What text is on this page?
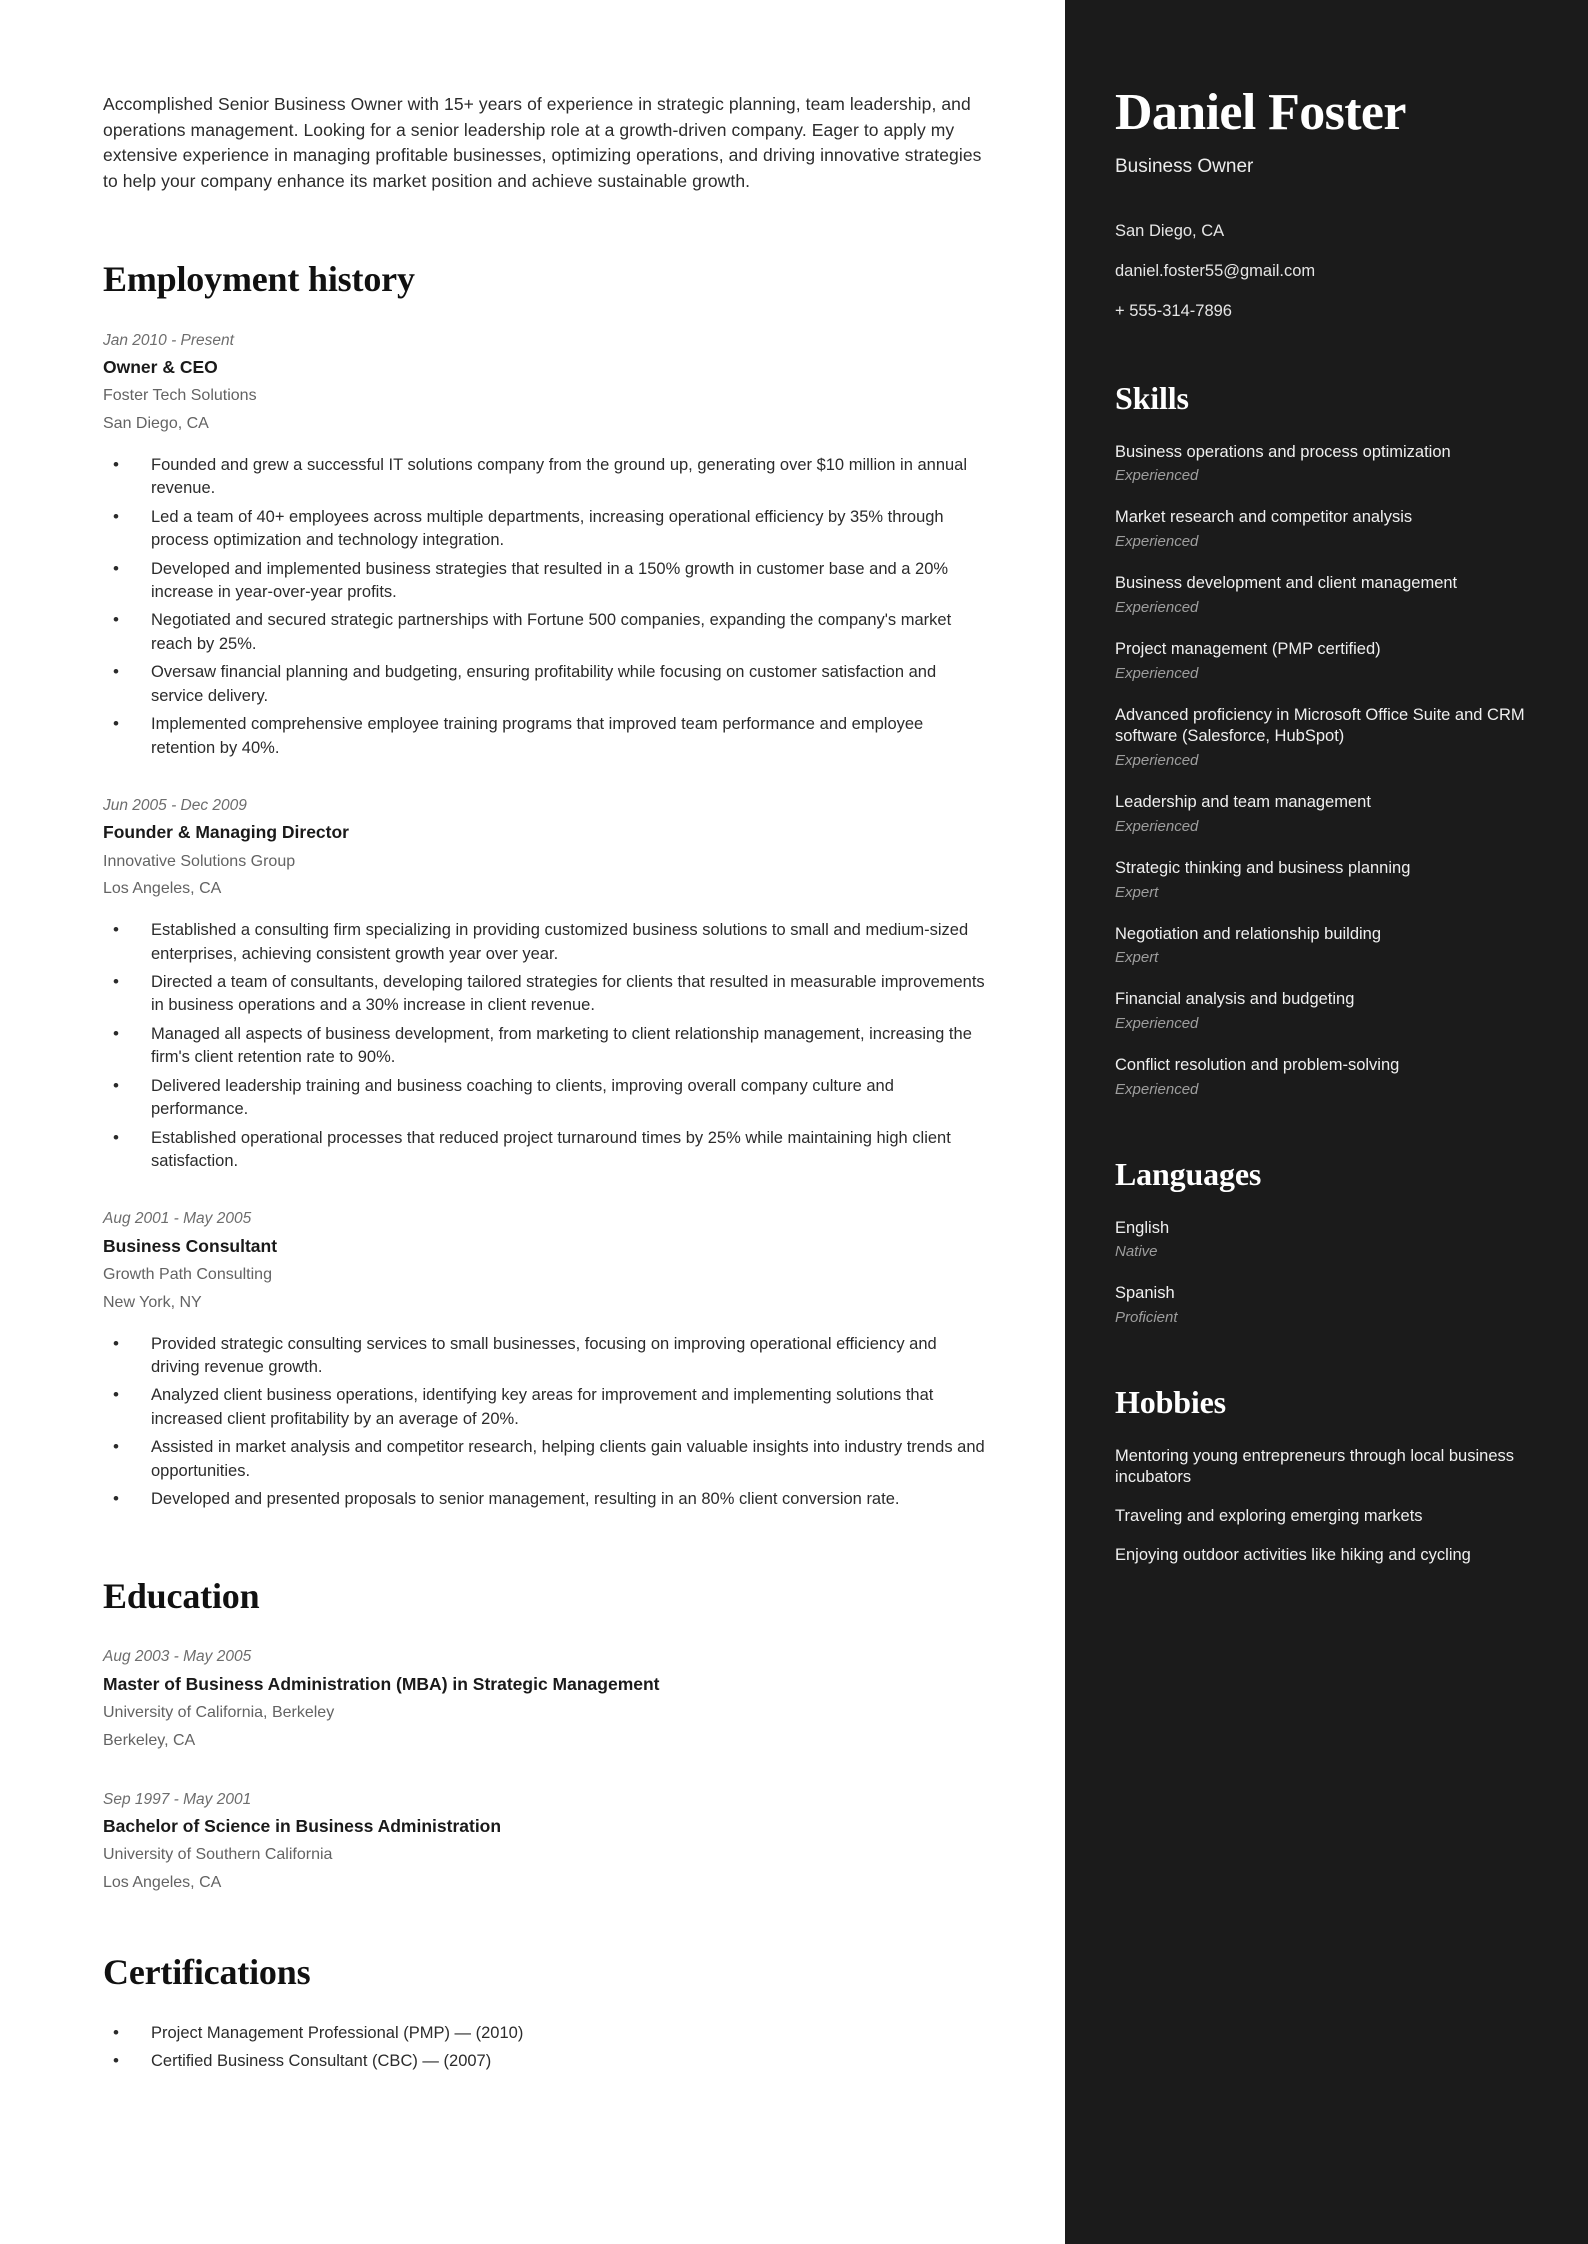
Accomplished Senior Business Owner with 15+ years of experience in strategic planning, team leadership, and operations management. Looking for a senior leadership role at a growth-driven company. Eager to apply my extensive experience in managing profitable businesses, optimizing operations, and driving innovative strategies to help your company enhance its market position and achieve sustainable growth.

Employment history
Jan 2010 - Present
Owner & CEO
Foster Tech Solutions
San Diego, CA
• Founded and grew a successful IT solutions company from the ground up, generating over $10 million in annual revenue.
• Led a team of 40+ employees across multiple departments, increasing operational efficiency by 35% through process optimization and technology integration.
• Developed and implemented business strategies that resulted in a 150% growth in customer base and a 20% increase in year-over-year profits.
• Negotiated and secured strategic partnerships with Fortune 500 companies, expanding the company's market reach by 25%.
• Oversaw financial planning and budgeting, ensuring profitability while focusing on customer satisfaction and service delivery.
• Implemented comprehensive employee training programs that improved team performance and employee retention by 40%.
Jun 2005 - Dec 2009
Founder & Managing Director
Innovative Solutions Group
Los Angeles, CA
• Established a consulting firm specializing in providing customized business solutions to small and medium-sized enterprises, achieving consistent growth year over year.
• Directed a team of consultants, developing tailored strategies for clients that resulted in measurable improvements in business operations and a 30% increase in client revenue.
• Managed all aspects of business development, from marketing to client relationship management, increasing the firm's client retention rate to 90%.
• Delivered leadership training and business coaching to clients, improving overall company culture and performance.
• Established operational processes that reduced project turnaround times by 25% while maintaining high client satisfaction.
Aug 2001 - May 2005
Business Consultant
Growth Path Consulting
New York, NY
• Provided strategic consulting services to small businesses, focusing on improving operational efficiency and driving revenue growth.
• Analyzed client business operations, identifying key areas for improvement and implementing solutions that increased client profitability by an average of 20%.
• Assisted in market analysis and competitor research, helping clients gain valuable insights into industry trends and opportunities.
• Developed and presented proposals to senior management, resulting in an 80% client conversion rate.
Education
Aug 2003 - May 2005
Master of Business Administration (MBA) in Strategic Management
University of California, Berkeley
Berkeley, CA
Sep 1997 - May 2001
Bachelor of Science in Business Administration
University of Southern California
Los Angeles, CA
Certifications
• Project Management Professional (PMP) — (2010)
• Certified Business Consultant (CBC) — (2007)
Daniel Foster
Business Owner
San Diego, CA
daniel.foster55@gmail.com
+ 555-314-7896
Skills
Business operations and process optimization
Experienced
Market research and competitor analysis
Experienced
Business development and client management
Experienced
Project management (PMP certified)
Experienced
Advanced proficiency in Microsoft Office Suite and CRM software (Salesforce, HubSpot)
Experienced
Leadership and team management
Experienced
Strategic thinking and business planning
Expert
Negotiation and relationship building
Expert
Financial analysis and budgeting
Experienced
Conflict resolution and problem-solving
Experienced
Languages
English
Native
Spanish
Proficient
Hobbies
Mentoring young entrepreneurs through local business incubators
Traveling and exploring emerging markets
Enjoying outdoor activities like hiking and cycling
